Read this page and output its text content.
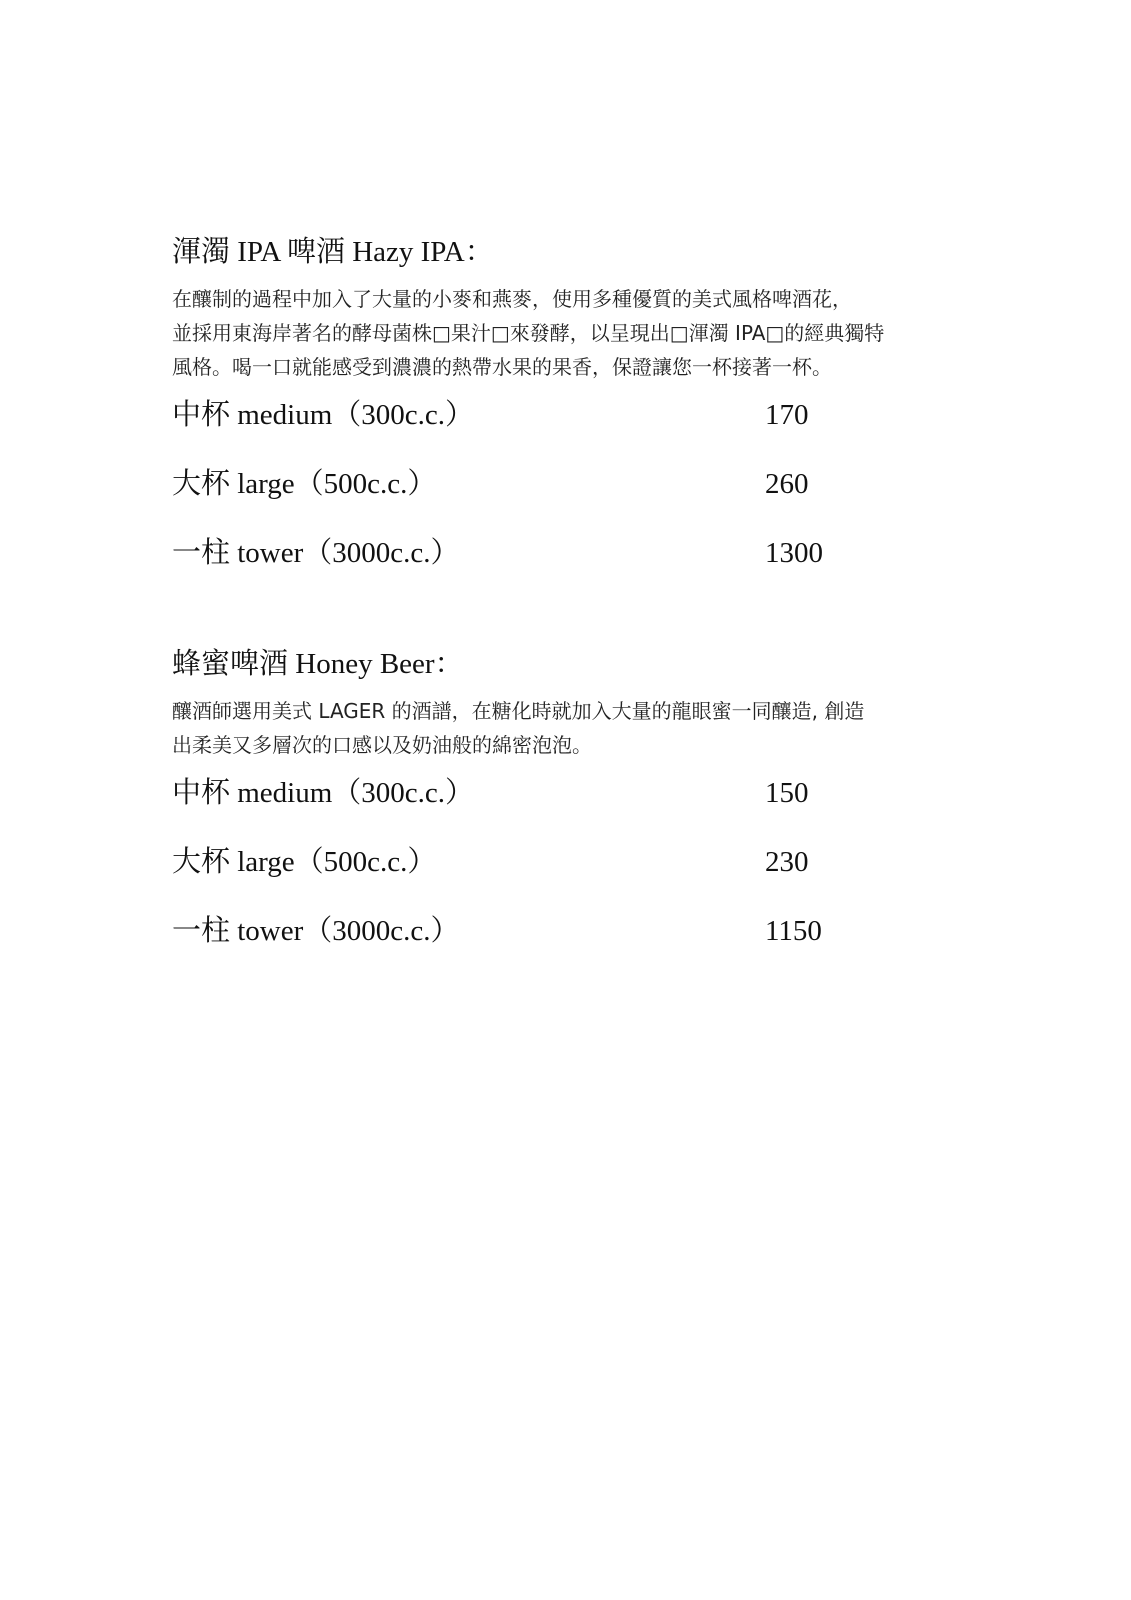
渾濁 IPA 啤酒 Hazy IPA：
在釀制的過程中加入了大量的小麥和燕麥，使用多種優質的美式風格啤酒花，
並採用東海岸著名的酵母菌株□果汁□來發酵，以呈現出□渾濁 IPA□的經典獨特
風格。喝一口就能感受到濃濃的熱帶水果的果香，保證讓您一杯接著一杯。
中杯 medium（300c.c.）	170
大杯 large（500c.c.）	260
一柱 tower（3000c.c.）	1300
蜂蜜啤酒 Honey Beer：
釀酒師選用美式 LAGER 的酒譜，在糖化時就加入大量的龍眼蜜一同釀造, 創造
出柔美又多層次的口感以及奶油般的綿密泡泡。
中杯 medium（300c.c.）	150
大杯 large（500c.c.）	230
一柱 tower（3000c.c.）	1150
